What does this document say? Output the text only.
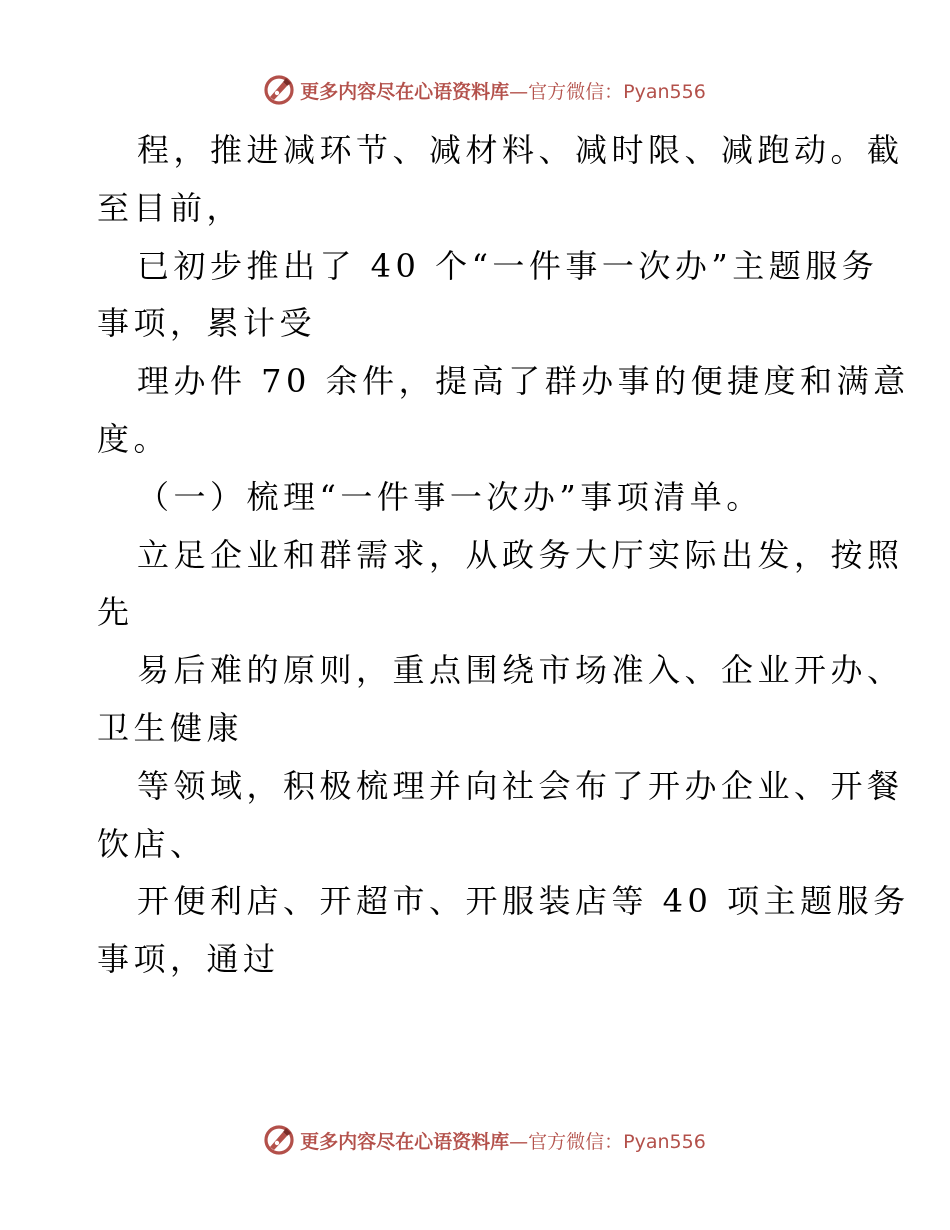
更多内容尽在心语资料库—官方微信：Pyan556
程，推进减环节、减材料、减时限、减跑动。截
至目前，
已初步推出了 40 个“一件事一次办”主题服务
事项，累计受
理办件 70 余件，提高了群办事的便捷度和满意
度。
（一）梳理“一件事一次办”事项清单。
立足企业和群需求，从政务大厅实际出发，按照
先
易后难的原则，重点围绕市场准入、企业开办、
卫生健康
等领域，积极梳理并向社会布了开办企业、开餐
饮店、
开便利店、开超市、开服装店等 40 项主题服务
事项，通过
更多内容尽在心语资料库—官方微信：Pyan556
